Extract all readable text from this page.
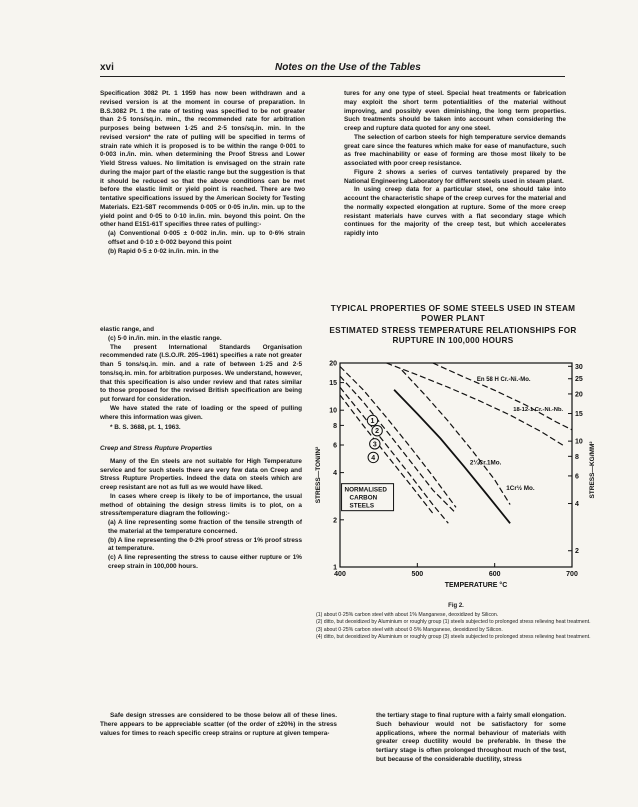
xvi	Notes on the Use of the Tables

Specification 3082 Pt. 1 1959 has now been withdrawn and a revised version is at the moment in course of preparation. In B.S.3082 Pt. 1 the rate of testing was specified to be not greater than 2·5 tons/sq.in. min., the recommended rate for arbitration purposes being between 1·25 and 2·5 tons/sq.in. min. In the revised version* the rate of pulling will be specified in terms of strain rate which it is proposed is to be within the range 0·001 to 0·003 in./in. min. when determining the Proof Stress and Lower Yield Stress values. No limitation is envisaged on the strain rate during the major part of the elastic range but the suggestion is that it should be reduced so that the above conditions can be met before the elastic limit or yield point is reached. There are two tentative specifications issued by the American Society for Testing Materials. E21-58T recommends 0·005 or 0·05 in./in. min. up to the yield point and 0·05 to 0·10 in./in. min. beyond this point. On the other hand E151-61T specifies three rates of pulling:-

(a) Conventional 0·005 ± 0·002 in./in. min. up to 0·6% strain offset and 0·10 ± 0·002 beyond this point

(b) Rapid 0·5 ± 0·02 in./in. min. in the

elastic range, and

(c) 5·0 in./in. min. in the elastic range.

The present International Standards Organisation recommended rate (I.S.O./R. 205–1961) specifies a rate not greater than 5 tons/sq.in. min. and a rate of between 1·25 and 2·5 tons/sq.in. min. for arbitration purposes. We understand, however, that this specification is also under review and that rates similar to those proposed for the revised British specification are being put forward for consideration.

We have stated the rate of loading or the speed of pulling where this information was given.

* B. S. 3688, pt. 1, 1963.

Creep and Stress Rupture Properties

Many of the En steels are not suitable for High Temperature service and for such steels there are very few data on Creep and Stress Rupture Properties. Indeed the data on steels which are creep resistant are not as full as we would have liked.

In cases where creep is likely to be of importance, the usual method of obtaining the design stress limits is to plot, on a stress/temperature diagram the following:-

(a) A line representing some fraction of the tensile strength of the material at the temperature concerned.

(b) A line representing the 0·2% proof stress or 1% proof stress at temperature.

(c) A line representing the stress to cause either rupture or 1% creep strain in 100,000 hours.

Safe design stresses are considered to be those below all of these lines. There appears to be appreciable scatter (of the order of ±20%) in the stress values for times to reach specific creep strains or rupture at given tempera-

tures for any one type of steel. Special heat treatments or fabrication may exploit the short term potentialities of the material without improving, and possibly even diminishing, the long term properties. Such treatments should be taken into account when considering the creep and rupture data quoted for any one steel.

The selection of carbon steels for high temperature service demands great care since the features which make for ease of manufacture, such as free machinability or ease of forming are those most likely to be associated with poor creep resistance.

Figure 2 shows a series of curves tentatively prepared by the National Engineering Laboratory for different steels used in steam plant.

In using creep data for a particular steel, one should take into account the characteristic shape of the creep curves for the material and the normally expected elongation at rupture. Some of the more creep resistant materials have curves with a flat secondary stage which continues for the majority of the creep test, but which accelerates rapidly into

the tertiary stage to final rupture with a fairly small elongation. Such behaviour would not be satisfactory for some applications, where the normal behaviour of materials with greater creep ductility would be preferable. In these the tertiary stage is often prolonged throughout much of the test, but because of the considerable ductility, stress

TYPICAL PROPERTIES OF SOME STEELS USED IN STEAM
POWER PLANT
ESTIMATED STRESS TEMPERATURE RELATIONSHIPS FOR
RUPTURE IN 100,000 HOURS
400	500	600	700
20
15
10
8
6
4
2
1
30
25
20
15
10
8
6
4
2
TEMPERATURE °C
STRESS—TON/IN²	STRESS—KG/MM²
1
2
3
4
NORMALISED
CARBON
STEELS
En 58 H Cr.-Ni.-Mo.
18-12-1 Cr.-Ni.-Nb.
2¼Cr.1Mo.
1Cr½ Mo.
Fig 2.

(1) about 0·25% carbon steel with about 1% Manganese, deoxidized by Silicon.

(2) ditto, but deoxidized by Aluminium or roughly group (1) steels subjected to prolonged stress relieving heat treatment.

(3) about 0·25% carbon steel with about 0·5% Manganese, deoxidized by Silicon.

(4) ditto, but deoxidized by Aluminium or roughly group (3) steels subjected to prolonged stress relieving heat treatment.
